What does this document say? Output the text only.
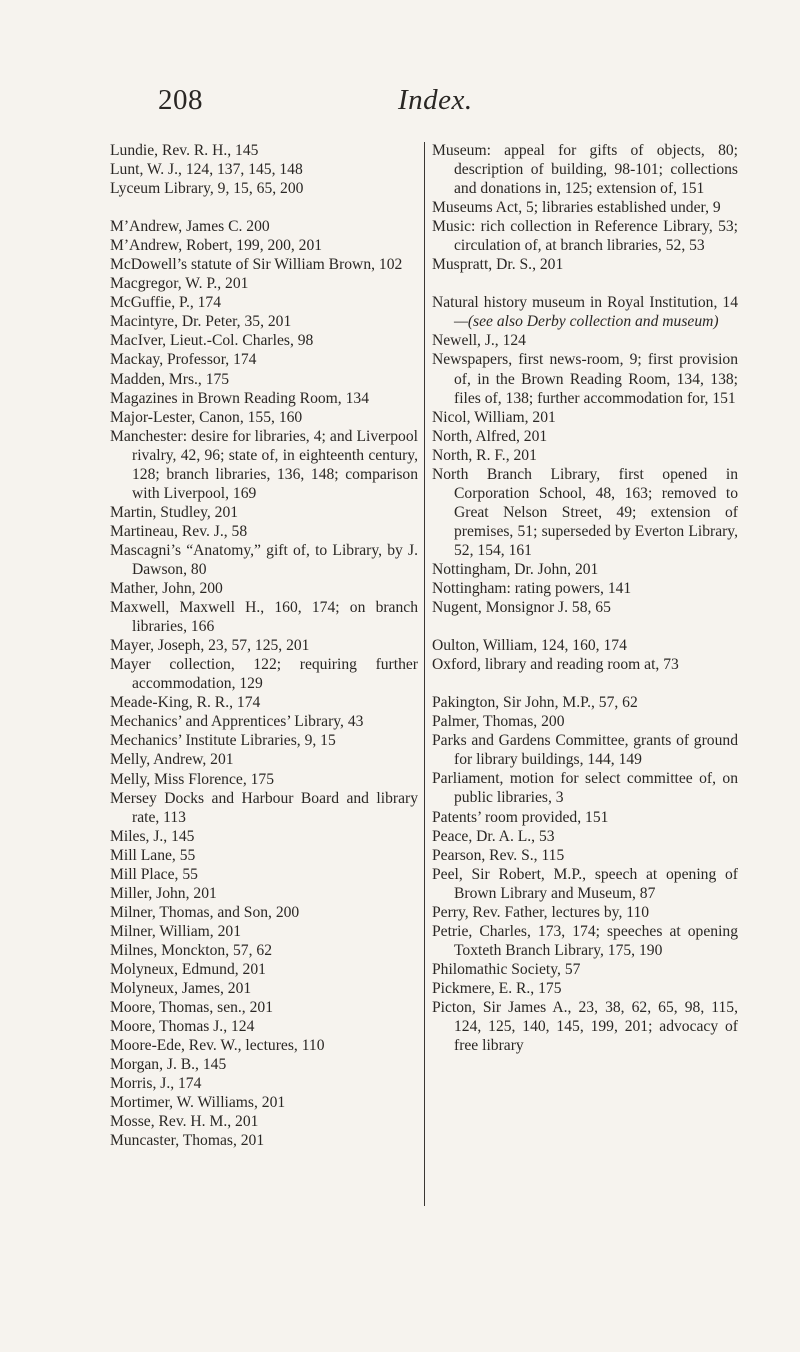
208	Index.
Lundie, Rev. R. H., 145
Lunt, W. J., 124, 137, 145, 148
Lyceum Library, 9, 15, 65, 200
M’Andrew, James C. 200
M’Andrew, Robert, 199, 200, 201
McDowell’s statute of Sir William Brown, 102
Macgregor, W. P., 201
McGuffie, P., 174
Macintyre, Dr. Peter, 35, 201
MacIver, Lieut.-Col. Charles, 98
Mackay, Professor, 174
Madden, Mrs., 175
Magazines in Brown Reading Room, 134
Major-Lester, Canon, 155, 160
Manchester: desire for libraries, 4; and Liverpool rivalry, 42, 96; state of, in eighteenth century, 128; branch libraries, 136, 148; comparison with Liverpool, 169
Martin, Studley, 201
Martineau, Rev. J., 58
Mascagni’s “Anatomy,” gift of, to Library, by J. Dawson, 80
Mather, John, 200
Maxwell, Maxwell H., 160, 174; on branch libraries, 166
Mayer, Joseph, 23, 57, 125, 201
Mayer collection, 122; requiring further accommodation, 129
Meade-King, R. R., 174
Mechanics’ and Apprentices’ Library, 43
Mechanics’ Institute Libraries, 9, 15
Melly, Andrew, 201
Melly, Miss Florence, 175
Mersey Docks and Harbour Board and library rate, 113
Miles, J., 145
Mill Lane, 55
Mill Place, 55
Miller, John, 201
Milner, Thomas, and Son, 200
Milner, William, 201
Milnes, Monckton, 57, 62
Molyneux, Edmund, 201
Molyneux, James, 201
Moore, Thomas, sen., 201
Moore, Thomas J., 124
Moore-Ede, Rev. W., lectures, 110
Morgan, J. B., 145
Morris, J., 174
Mortimer, W. Williams, 201
Mosse, Rev. H. M., 201
Muncaster, Thomas, 201
Museum: appeal for gifts of objects, 80; description of building, 98-101; collections and donations in, 125; extension of, 151
Museums Act, 5; libraries established under, 9
Music: rich collection in Reference Library, 53; circulation of, at branch libraries, 52, 53
Muspratt, Dr. S., 201
Natural history museum in Royal Institution, 14—(see also Derby collection and museum)
Newell, J., 124
Newspapers, first news-room, 9; first provision of, in the Brown Reading Room, 134, 138; files of, 138; further accommodation for, 151
Nicol, William, 201
North, Alfred, 201
North, R. F., 201
North Branch Library, first opened in Corporation School, 48, 163; removed to Great Nelson Street, 49; extension of premises, 51; superseded by Everton Library, 52, 154, 161
Nottingham, Dr. John, 201
Nottingham: rating powers, 141
Nugent, Monsignor J. 58, 65
Oulton, William, 124, 160, 174
Oxford, library and reading room at, 73
Pakington, Sir John, M.P., 57, 62
Palmer, Thomas, 200
Parks and Gardens Committee, grants of ground for library buildings, 144, 149
Parliament, motion for select committee of, on public libraries, 3
Patents’ room provided, 151
Peace, Dr. A. L., 53
Pearson, Rev. S., 115
Peel, Sir Robert, M.P., speech at opening of Brown Library and Museum, 87
Perry, Rev. Father, lectures by, 110
Petrie, Charles, 173, 174; speeches at opening Toxteth Branch Library, 175, 190
Philomathic Society, 57
Pickmere, E. R., 175
Picton, Sir James A., 23, 38, 62, 65, 98, 115, 124, 125, 140, 145, 199, 201; advocacy of free library
